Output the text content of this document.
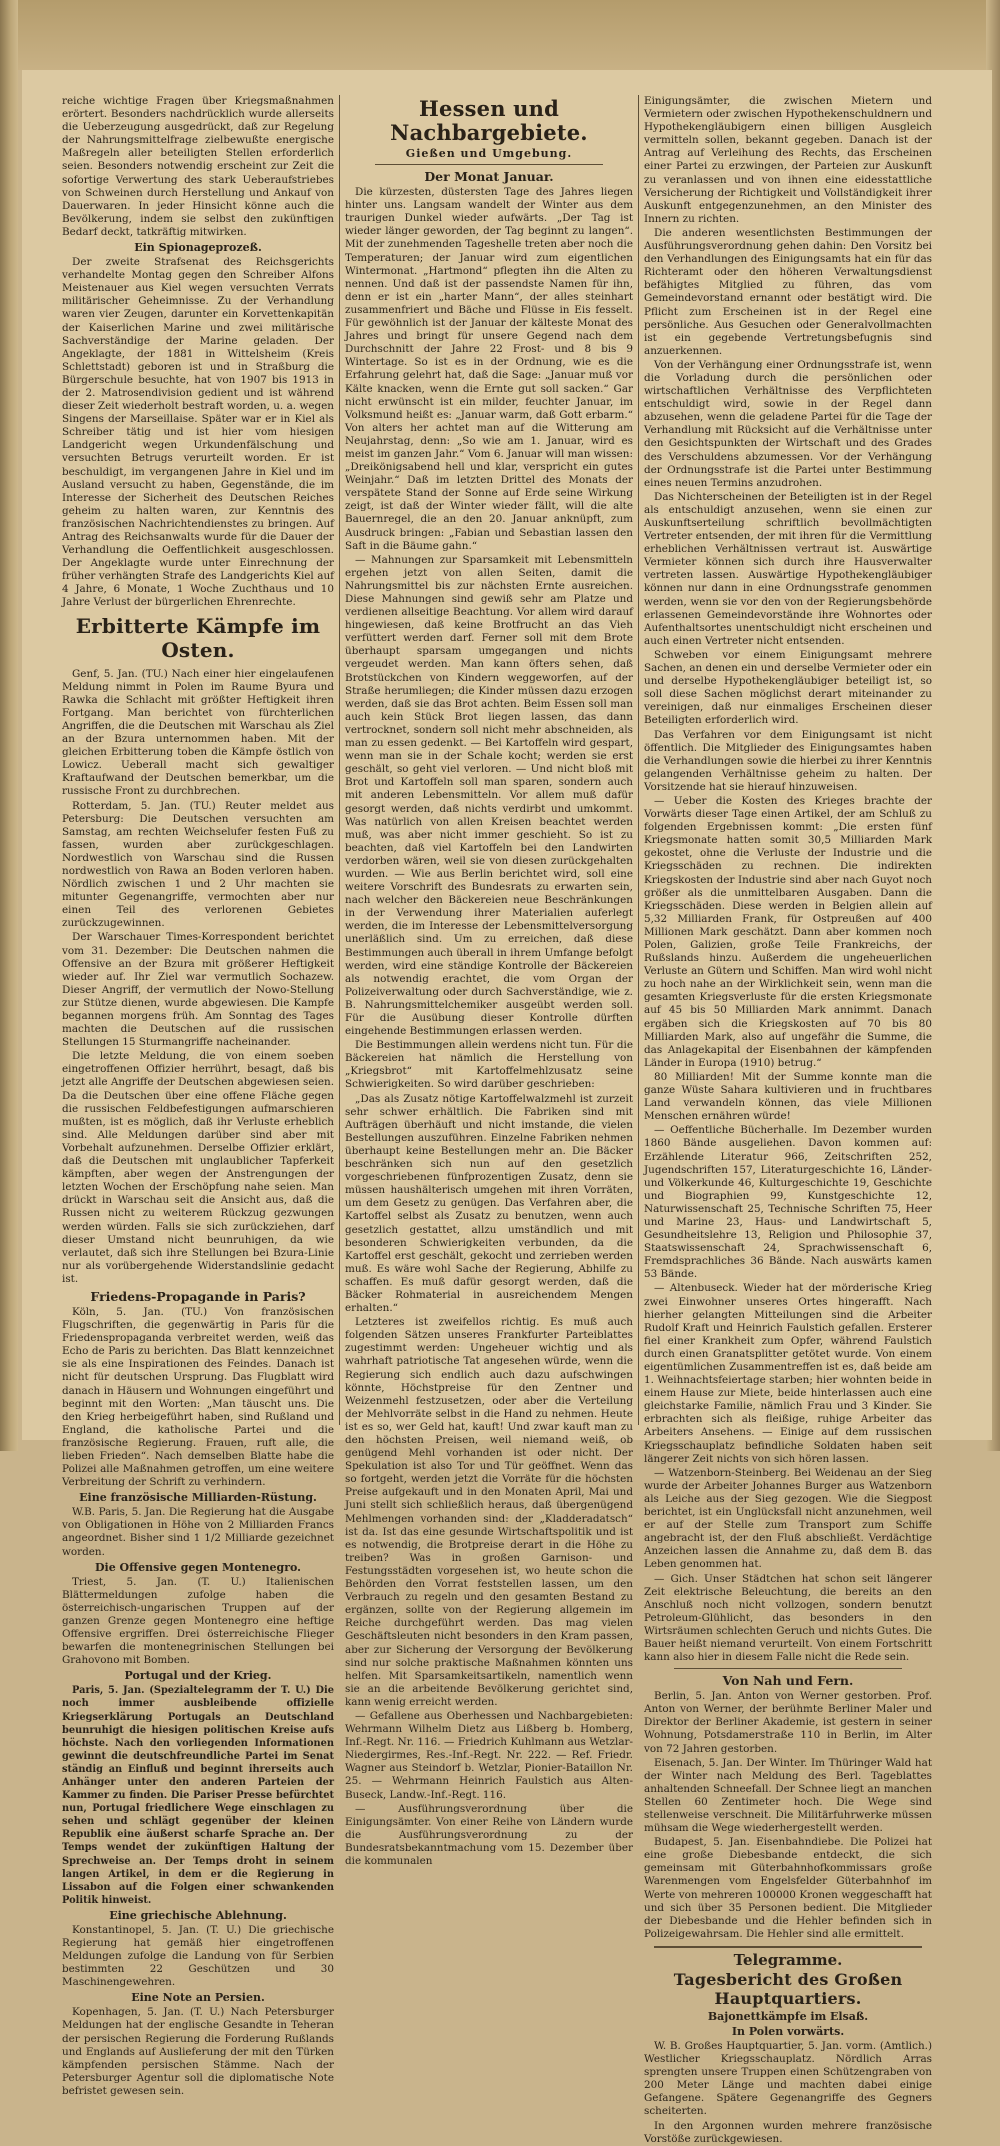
reiche wichtige Fragen über Kriegsmaßnahmen erörtert. Besonders nachdrücklich wurde allerseits die Ueberzeugung ausgedrückt, daß zur Regelung der Nahrungsmittelfrage zielbewußte energische Maßregeln aller beteiligten Stellen erforderlich seien. Besonders notwendig erscheint zur Zeit die sofortige Verwertung des stark Ueberaufstriebes von Schweinen durch Herstellung und Ankauf von Dauerwaren. In jeder Hinsicht könne auch die Bevölkerung, indem sie selbst den zukünftigen Bedarf deckt, tatkräftig mitwirken.

Ein Spionageprozeß.

Der zweite Strafsenat des Reichsgerichts verhandelte Montag gegen den Schreiber Alfons Meistenauer aus Kiel wegen versuchten Verrats militärischer Geheimnisse. Zu der Verhandlung waren vier Zeugen, darunter ein Korvettenkapitän der Kaiserlichen Marine und zwei militärische Sachverständige der Marine geladen. Der Angeklagte, der 1881 in Wittelsheim (Kreis Schlettstadt) geboren ist und in Straßburg die Bürgerschule besuchte, hat von 1907 bis 1913 in der 2. Matrosendivision gedient und ist während dieser Zeit wiederholt bestraft worden, u. a. wegen Singens der Marseillaise. Später war er in Kiel als Schreiber tätig und ist hier vom hiesigen Landgericht wegen Urkundenfälschung und versuchten Betrugs verurteilt worden. Er ist beschuldigt, im vergangenen Jahre in Kiel und im Ausland versucht zu haben, Gegenstände, die im Interesse der Sicherheit des Deutschen Reiches geheim zu halten waren, zur Kenntnis des französischen Nachrichtendienstes zu bringen. Auf Antrag des Reichsanwalts wurde für die Dauer der Verhandlung die Oeffentlichkeit ausgeschlossen. Der Angeklagte wurde unter Einrechnung der früher verhängten Strafe des Landgerichts Kiel auf 4 Jahre, 6 Monate, 1 Woche Zuchthaus und 10 Jahre Verlust der bürgerlichen Ehrenrechte.

Erbitterte Kämpfe im Osten.

Genf, 5. Jan. (TU.) Nach einer hier eingelaufenen Meldung nimmt in Polen im Raume Byura und Rawka die Schlacht mit größter Heftigkeit ihren Fortgang. Man berichtet von fürchterlichen Angriffen, die die Deutschen mit Warschau als Ziel an der Bzura unternommen haben. Mit der gleichen Erbitterung toben die Kämpfe östlich von Lowicz. Ueberall macht sich gewaltiger Kraftaufwand der Deutschen bemerkbar, um die russische Front zu durchbrechen.

Rotterdam, 5. Jan. (TU.) Reuter meldet aus Petersburg: Die Deutschen versuchten am Samstag, am rechten Weichselufer festen Fuß zu fassen, wurden aber zurückgeschlagen. Nordwestlich von Warschau sind die Russen nordwestlich von Rawa an Boden verloren haben. Nördlich zwischen 1 und 2 Uhr machten sie mitunter Gegenangriffe, vermochten aber nur einen Teil des verlorenen Gebietes zurückzugewinnen.

Der Warschauer Times-Korrespondent berichtet vom 31. Dezember: Die Deutschen nahmen die Offensive an der Bzura mit größerer Heftigkeit wieder auf. Ihr Ziel war vermutlich Sochazew. Dieser Angriff, der vermutlich der Nowo-Stellung zur Stütze dienen, wurde abgewiesen. Die Kampfe begannen morgens früh. Am Sonntag des Tages machten die Deutschen auf die russischen Stellungen 15 Sturmangriffe nacheinander.

Die letzte Meldung, die von einem soeben eingetroffenen Offizier herrührt, besagt, daß bis jetzt alle Angriffe der Deutschen abgewiesen seien. Da die Deutschen über eine offene Fläche gegen die russischen Feldbefestigungen aufmarschieren mußten, ist es möglich, daß ihr Verluste erheblich sind. Alle Meldungen darüber sind aber mit Vorbehalt aufzunehmen. Derselbe Offizier erklärt, daß die Deutschen mit unglaublicher Tapferkeit kämpften, aber wegen der Anstrengungen der letzten Wochen der Erschöpfung nahe seien. Man drückt in Warschau seit die Ansicht aus, daß die Russen nicht zu weiterem Rückzug gezwungen werden würden. Falls sie sich zurückziehen, darf dieser Umstand nicht beunruhigen, da wie verlautet, daß sich ihre Stellungen bei Bzura-Linie nur als vorübergehende Widerstandslinie gedacht ist.

Friedens-Propagande in Paris?

Köln, 5. Jan. (TU.) Von französischen Flugschriften, die gegenwärtig in Paris für die Friedenspropaganda verbreitet werden, weiß das Echo de Paris zu berichten. Das Blatt kennzeichnet sie als eine Inspirationen des Feindes. Danach ist nicht für deutschen Ursprung. Das Flugblatt wird danach in Häusern und Wohnungen eingeführt und beginnt mit den Worten: „Man täuscht uns. Die den Krieg herbeigeführt haben, sind Rußland und England, die katholische Partei und die französische Regierung. Frauen, ruft alle, die lieben Frieden“. Nach demselben Blatte habe die Polizei alle Maßnahmen getroffen, um eine weitere Verbreitung der Schrift zu verhindern.

Eine französische Milliarden-Rüstung.

W.B. Paris, 5. Jan. Die Regierung hat die Ausgabe von Obligationen in Höhe von 2 Milliarden Francs angeordnet. Bisher sind 1 1/2 Milliarde gezeichnet worden.

Die Offensive gegen Montenegro.

Triest, 5. Jan. (T. U.) Italienischen Blättermeldungen zufolge haben die österreichisch-ungarischen Truppen auf der ganzen Grenze gegen Montenegro eine heftige Offensive ergriffen. Drei österreichische Flieger bewarfen die montenegrinischen Stellungen bei Grahovono mit Bomben.

Portugal und der Krieg.

Paris, 5. Jan. (Spezialtelegramm der T. U.) Die noch immer ausbleibende offizielle Kriegserklärung Portugals an Deutschland beunruhigt die hiesigen politischen Kreise aufs höchste. Nach den vorliegenden Informationen gewinnt die deutschfreundliche Partei im Senat ständig an Einfluß und beginnt ihrerseits auch Anhänger unter den anderen Parteien der Kammer zu finden. Die Pariser Presse befürchtet nun, Portugal friedlichere Wege einschlagen zu sehen und schlägt gegenüber der kleinen Republik eine äußerst scharfe Sprache an. Der Temps wendet der zukünftigen Haltung der Sprechweise an. Der Temps droht in seinem langen Artikel, in dem er die Regierung in Lissabon auf die Folgen einer schwankenden Politik hinweist.

Eine griechische Ablehnung.

Konstantinopel, 5. Jan. (T. U.) Die griechische Regierung hat gemäß hier eingetroffenen Meldungen zufolge die Landung von für Serbien bestimmten 22 Geschützen und 30 Maschinengewehren.

Eine Note an Persien.

Kopenhagen, 5. Jan. (T. U.) Nach Petersburger Meldungen hat der englische Gesandte in Teheran der persischen Regierung die Forderung Rußlands und Englands auf Auslieferung der mit den Türken kämpfenden persischen Stämme. Nach der Petersburger Agentur soll die diplomatische Note befristet gewesen sein.

Hessen und Nachbargebiete.
Gießen und Umgebung.
Der Monat Januar.

Die kürzesten, düstersten Tage des Jahres liegen hinter uns. Langsam wandelt der Winter aus dem traurigen Dunkel wieder aufwärts. „Der Tag ist wieder länger geworden, der Tag beginnt zu langen“. Mit der zunehmenden Tageshelle treten aber noch die Temperaturen; der Januar wird zum eigentlichen Wintermonat. „Hartmond“ pflegten ihn die Alten zu nennen. Und daß ist der passendste Namen für ihn, denn er ist ein „harter Mann“, der alles steinhart zusammenfriert und Bäche und Flüsse in Eis fesselt. Für gewöhnlich ist der Januar der kälteste Monat des Jahres und bringt für unsere Gegend nach dem Durchschnitt der Jahre 22 Frost- und 8 bis 9 Wintertage. So ist es in der Ordnung, wie es die Erfahrung gelehrt hat, daß die Sage: „Januar muß vor Kälte knacken, wenn die Ernte gut soll sacken.“ Gar nicht erwünscht ist ein milder, feuchter Januar, im Volksmund heißt es: „Januar warm, daß Gott erbarm.“ Von alters her achtet man auf die Witterung am Neujahrstag, denn: „So wie am 1. Januar, wird es meist im ganzen Jahr.“ Vom 6. Januar will man wissen: „Dreikönigsabend hell und klar, verspricht ein gutes Weinjahr.“ Daß im letzten Drittel des Monats der verspätete Stand der Sonne auf Erde seine Wirkung zeigt, ist daß der Winter wieder fällt, will die alte Bauernregel, die an den 20. Januar anknüpft, zum Ausdruck bringen: „Fabian und Sebastian lassen den Saft in die Bäume gahn.“

— Mahnungen zur Sparsamkeit mit Lebensmitteln ergehen jetzt von allen Seiten, damit die Nahrungsmittel bis zur nächsten Ernte ausreichen. Diese Mahnungen sind gewiß sehr am Platze und verdienen allseitige Beachtung. Vor allem wird darauf hingewiesen, daß keine Brotfrucht an das Vieh verfüttert werden darf. Ferner soll mit dem Brote überhaupt sparsam umgegangen und nichts vergeudet werden. Man kann öfters sehen, daß Brotstückchen von Kindern weggeworfen, auf der Straße herumliegen; die Kinder müssen dazu erzogen werden, daß sie das Brot achten. Beim Essen soll man auch kein Stück Brot liegen lassen, das dann vertrocknet, sondern soll nicht mehr abschneiden, als man zu essen gedenkt. — Bei Kartoffeln wird gespart, wenn man sie in der Schale kocht; werden sie erst geschält, so geht viel verloren. — Und nicht bloß mit Brot und Kartoffeln soll man sparen, sondern auch mit anderen Lebensmitteln. Vor allem muß dafür gesorgt werden, daß nichts verdirbt und umkommt. Was natürlich von allen Kreisen beachtet werden muß, was aber nicht immer geschieht. So ist zu beachten, daß viel Kartoffeln bei den Landwirten verdorben wären, weil sie von diesen zurückgehalten wurden. — Wie aus Berlin berichtet wird, soll eine weitere Vorschrift des Bundesrats zu erwarten sein, nach welcher den Bäckereien neue Beschränkungen in der Verwendung ihrer Materialien auferlegt werden, die im Interesse der Lebensmittelversorgung unerläßlich sind. Um zu erreichen, daß diese Bestimmungen auch überall in ihrem Umfange befolgt werden, wird eine ständige Kontrolle der Bäckereien als notwendig erachtet, die vom Organ der Polizeiverwaltung oder durch Sachverständige, wie z. B. Nahrungsmittelchemiker ausgeübt werden soll. Für die Ausübung dieser Kontrolle dürften eingehende Bestimmungen erlassen werden.

Die Bestimmungen allein werdens nicht tun. Für die Bäckereien hat nämlich die Herstellung von „Kriegsbrot“ mit Kartoffelmehlzusatz seine Schwierigkeiten. So wird darüber geschrieben:

„Das als Zusatz nötige Kartoffelwalzmehl ist zurzeit sehr schwer erhältlich. Die Fabriken sind mit Aufträgen überhäuft und nicht imstande, die vielen Bestellungen auszuführen. Einzelne Fabriken nehmen überhaupt keine Bestellungen mehr an. Die Bäcker beschränken sich nun auf den gesetzlich vorgeschriebenen fünfprozentigen Zusatz, denn sie müssen haushälterisch umgehen mit ihren Vorräten, um dem Gesetz zu genügen. Das Verfahren aber, die Kartoffel selbst als Zusatz zu benutzen, wenn auch gesetzlich gestattet, allzu umständlich und mit besonderen Schwierigkeiten verbunden, da die Kartoffel erst geschält, gekocht und zerrieben werden muß. Es wäre wohl Sache der Regierung, Abhilfe zu schaffen. Es muß dafür gesorgt werden, daß die Bäcker Rohmaterial in ausreichendem Mengen erhalten.“

Letzteres ist zweifellos richtig. Es muß auch folgenden Sätzen unseres Frankfurter Parteiblattes zugestimmt werden: Ungeheuer wichtig und als wahrhaft patriotische Tat angesehen würde, wenn die Regierung sich endlich auch dazu aufschwingen könnte, Höchstpreise für den Zentner und Weizenmehl festzusetzen, oder aber die Verteilung der Mehlvorräte selbst in die Hand zu nehmen. Heute ist es so, wer Geld hat, kauft! Und zwar kauft man zu den höchsten Preisen, weil niemand weiß, ob genügend Mehl vorhanden ist oder nicht. Der Spekulation ist also Tor und Tür geöffnet. Wenn das so fortgeht, werden jetzt die Vorräte für die höchsten Preise aufgekauft und in den Monaten April, Mai und Juni stellt sich schließlich heraus, daß übergenügend Mehlmengen vorhanden sind: der „Kladderadatsch“ ist da. Ist das eine gesunde Wirtschaftspolitik und ist es notwendig, die Brotpreise derart in die Höhe zu treiben? Was in großen Garnison- und Festungsstädten vorgesehen ist, wo heute schon die Behörden den Vorrat feststellen lassen, um den Verbrauch zu regeln und den gesamten Bestand zu ergänzen, sollte von der Regierung allgemein im Reiche durchgeführt werden. Das mag vielen Geschäftsleuten nicht besonders in den Kram passen, aber zur Sicherung der Versorgung der Bevölkerung sind nur solche praktische Maßnahmen könnten uns helfen. Mit Sparsamkeitsartikeln, namentlich wenn sie an die arbeitende Bevölkerung gerichtet sind, kann wenig erreicht werden.

— Gefallene aus Oberhessen und Nachbargebieten: Wehrmann Wilhelm Dietz aus Lißberg b. Homberg, Inf.-Regt. Nr. 116. — Friedrich Kuhlmann aus Wetzlar-Niedergirmes, Res.-Inf.-Regt. Nr. 222. — Ref. Friedr. Wagner aus Steindorf b. Wetzlar, Pionier-Bataillon Nr. 25. — Wehrmann Heinrich Faulstich aus Alten-Buseck, Landw.-Inf.-Regt. 116.

— Ausführungsverordnung über die Einigungsämter. Von einer Reihe von Ländern wurde die Ausführungsverordnung zu der Bundesratsbekanntmachung vom 15. Dezember über die kommunalen

Einigungsämter, die zwischen Mietern und Vermietern oder zwischen Hypothekenschuldnern und Hypothekengläubigern einen billigen Ausgleich vermitteln sollen, bekannt gegeben. Danach ist der Antrag auf Verleihung des Rechts, das Erscheinen einer Partei zu erzwingen, der Parteien zur Auskunft zu veranlassen und von ihnen eine eidesstattliche Versicherung der Richtigkeit und Vollständigkeit ihrer Auskunft entgegenzunehmen, an den Minister des Innern zu richten.

Die anderen wesentlichsten Bestimmungen der Ausführungsverordnung gehen dahin: Den Vorsitz bei den Verhandlungen des Einigungsamts hat ein für das Richteramt oder den höheren Verwaltungsdienst befähigtes Mitglied zu führen, das vom Gemeindevorstand ernannt oder bestätigt wird. Die Pflicht zum Erscheinen ist in der Regel eine persönliche. Aus Gesuchen oder Generalvollmachten ist ein gegebende Vertretungsbefugnis sind anzuerkennen.

Von der Verhängung einer Ordnungsstrafe ist, wenn die Vorladung durch die persönlichen oder wirtschaftlichen Verhältnisse des Verpflichteten entschuldigt wird, sowie in der Regel dann abzusehen, wenn die geladene Partei für die Tage der Verhandlung mit Rücksicht auf die Verhältnisse unter den Gesichtspunkten der Wirtschaft und des Grades des Verschuldens abzumessen. Vor der Verhängung der Ordnungsstrafe ist die Partei unter Bestimmung eines neuen Termins anzudrohen.

Das Nichterscheinen der Beteiligten ist in der Regel als entschuldigt anzusehen, wenn sie einen zur Auskunftserteilung schriftlich bevollmächtigten Vertreter entsenden, der mit ihren für die Vermittlung erheblichen Verhältnissen vertraut ist. Auswärtige Vermieter können sich durch ihre Hausverwalter vertreten lassen. Auswärtige Hypothekengläubiger können nur dann in eine Ordnungsstrafe genommen werden, wenn sie vor den von der Regierungsbehörde erlassenen Gemeindevorstände ihre Wohnortes oder Aufenthaltsortes unentschuldigt nicht erscheinen und auch einen Vertreter nicht entsenden.

Schweben vor einem Einigungsamt mehrere Sachen, an denen ein und derselbe Vermieter oder ein und derselbe Hypothekengläubiger beteiligt ist, so soll diese Sachen möglichst derart miteinander zu vereinigen, daß nur einmaliges Erscheinen dieser Beteiligten erforderlich wird.

Das Verfahren vor dem Einigungsamt ist nicht öffentlich. Die Mitglieder des Einigungsamtes haben die Verhandlungen sowie die hierbei zu ihrer Kenntnis gelangenden Verhältnisse geheim zu halten. Der Vorsitzende hat sie hierauf hinzuweisen.

— Ueber die Kosten des Krieges brachte der Vorwärts dieser Tage einen Artikel, der am Schluß zu folgenden Ergebnissen kommt: „Die ersten fünf Kriegsmonate hatten somit 30,5 Milliarden Mark gekostet, ohne die Verluste der Industrie und die Kriegsschäden zu rechnen. Die indirekten Kriegskosten der Industrie sind aber nach Guyot noch größer als die unmittelbaren Ausgaben. Dann die Kriegsschäden. Diese werden in Belgien allein auf 5,32 Milliarden Frank, für Ostpreußen auf 400 Millionen Mark geschätzt. Dann aber kommen noch Polen, Galizien, große Teile Frankreichs, der Rußslands hinzu. Außerdem die ungeheuerlichen Verluste an Gütern und Schiffen. Man wird wohl nicht zu hoch nahe an der Wirklichkeit sein, wenn man die gesamten Kriegsverluste für die ersten Kriegsmonate auf 45 bis 50 Milliarden Mark annimmt. Danach ergäben sich die Kriegskosten auf 70 bis 80 Milliarden Mark, also auf ungefähr die Summe, die das Anlagekapital der Eisenbahnen der kämpfenden Länder in Europa (1910) betrug.“

80 Milliarden! Mit der Summe konnte man die ganze Wüste Sahara kultivieren und in fruchtbares Land verwandeln können, das viele Millionen Menschen ernähren würde!

— Oeffentliche Bücherhalle. Im Dezember wurden 1860 Bände ausgeliehen. Davon kommen auf: Erzählende Literatur 966, Zeitschriften 252, Jugendschriften 157, Literaturgeschichte 16, Länder- und Völkerkunde 46, Kulturgeschichte 19, Geschichte und Biographien 99, Kunstgeschichte 12, Naturwissenschaft 25, Technische Schriften 75, Heer und Marine 23, Haus- und Landwirtschaft 5, Gesundheitslehre 13, Religion und Philosophie 37, Staatswissenschaft 24, Sprachwissenschaft 6, Fremdsprachliches 36 Bände. Nach auswärts kamen 53 Bände.

— Altenbuseck. Wieder hat der mörderische Krieg zwei Einwohner unseres Ortes hingerafft. Nach hierher gelangten Mitteilungen sind die Arbeiter Rudolf Kraft und Heinrich Faulstich gefallen. Ersterer fiel einer Krankheit zum Opfer, während Faulstich durch einen Granatsplitter getötet wurde. Von einem eigentümlichen Zusammentreffen ist es, daß beide am 1. Weihnachtsfeiertage starben; hier wohnten beide in einem Hause zur Miete, beide hinterlassen auch eine gleichstarke Familie, nämlich Frau und 3 Kinder. Sie erbrachten sich als fleißige, ruhige Arbeiter das Arbeiters Ansehens. — Einige auf dem russischen Kriegsschauplatz befindliche Soldaten haben seit längerer Zeit nichts von sich hören lassen.

— Watzenborn-Steinberg. Bei Weidenau an der Sieg wurde der Arbeiter Johannes Burger aus Watzenborn als Leiche aus der Sieg gezogen. Wie die Siegpost berichtet, ist ein Unglücksfall nicht anzunehmen, weil er auf der Stelle zum Transport zum Schiffe angebracht ist, der den Fluß abschließt. Verdächtige Anzeichen lassen die Annahme zu, daß dem B. das Leben genommen hat.

— Gich. Unser Städtchen hat schon seit längerer Zeit elektrische Beleuchtung, die bereits an den Anschluß noch nicht vollzogen, sondern benutzt Petroleum-Glühlicht, das besonders in den Wirtsräumen schlechten Geruch und nichts Gutes. Die Bauer heißt niemand verurteilt. Von einem Fortschritt kann also hier in diesem Falle nicht die Rede sein.

Von Nah und Fern.

Berlin, 5. Jan. Anton von Werner gestorben. Prof. Anton von Werner, der berühmte Berliner Maler und Direktor der Berliner Akademie, ist gestern in seiner Wohnung, Potsdamerstraße 110 in Berlin, im Alter von 72 Jahren gestorben.

Eisenach, 5. Jan. Der Winter. Im Thüringer Wald hat der Winter nach Meldung des Berl. Tageblattes anhaltenden Schneefall. Der Schnee liegt an manchen Stellen 60 Zentimeter hoch. Die Wege sind stellenweise verschneit. Die Militärfuhrwerke müssen mühsam die Wege wiederhergestellt werden.

Budapest, 5. Jan. Eisenbahndiebe. Die Polizei hat eine große Diebesbande entdeckt, die sich gemeinsam mit Güterbahnhofkommissars große Warenmengen vom Engelsfelder Güterbahnhof im Werte von mehreren 100000 Kronen weggeschafft hat und sich über 35 Personen bedient. Die Mitglieder der Diebesbande und die Hehler befinden sich in Polizeigewahrsam. Die Hehler sind alle ermittelt.

Telegramme.
Tagesbericht des Großen Hauptquartiers.
Bajonettkämpfe im Elsaß.
In Polen vorwärts.

W. B. Großes Hauptquartier, 5. Jan. vorm. (Amtlich.) Westlicher Kriegsschauplatz. Nördlich Arras sprengten unsere Truppen einen Schützengraben von 200 Meter Länge und machten dabei einige Gefangene. Spätere Gegenangriffe des Gegners scheiterten.

In den Argonnen wurden mehrere französische Vorstöße zurückgewiesen.
